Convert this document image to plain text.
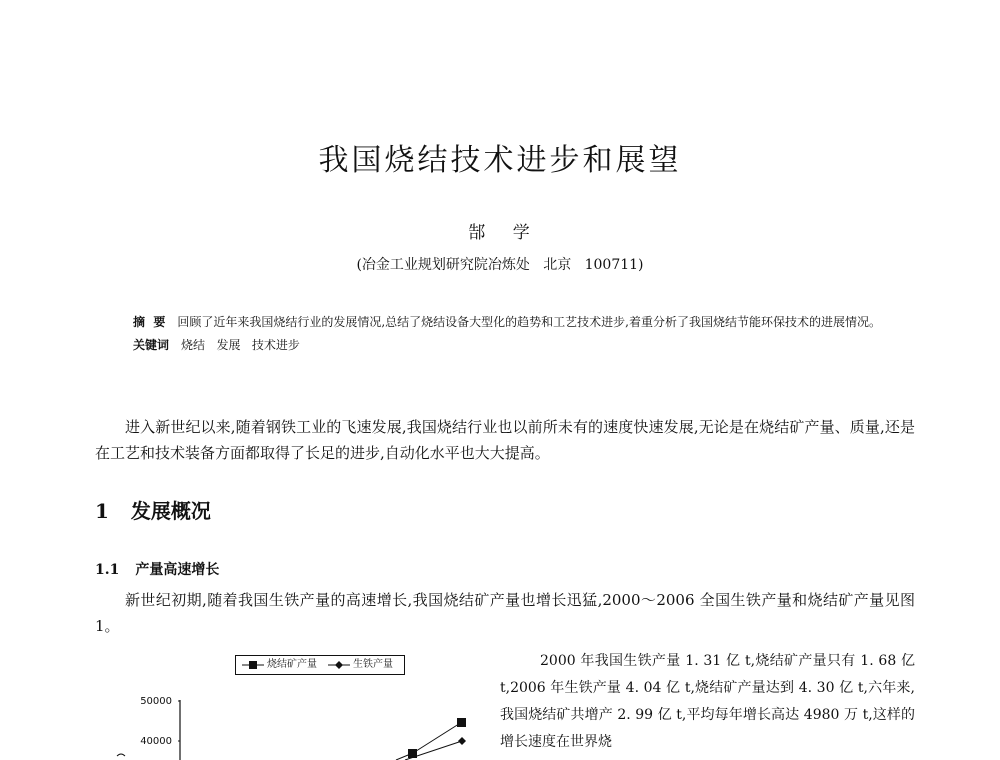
我国烧结技术进步和展望
郜 学
(冶金工业规划研究院冶炼处   北京   100711)
摘  要 回顾了近年来我国烧结行业的发展情况,总结了烧结设备大型化的趋势和工艺技术进步,着重分析了我国烧结节能环保技术的进展情况。
关键词 烧结   发展   技术进步
进入新世纪以来,随着钢铁工业的飞速发展,我国烧结行业也以前所未有的速度快速发展,无论是在烧结矿产量、质量,还是在工艺和技术装备方面都取得了长足的进步,自动化水平也大大提高。
1 发展概况
1.1 产量高速增长
新世纪初期,随着我国生铁产量的高速增长,我国烧结矿产量也增长迅猛,2000～2006 全国生铁产量和烧结矿产量见图 1。
2000 年我国生铁产量 1. 31 亿 t,烧结矿产量只有 1. 68 亿 t,2006 年生铁产量 4. 04 亿 t,烧结矿产量达到 4. 30 亿 t,六年来,我国烧结矿共增产 2. 99 亿 t,平均每年增长高达 4980 万 t,这样的增长速度在世界烧
烧结矿产量	生铁产量
50000
40000
